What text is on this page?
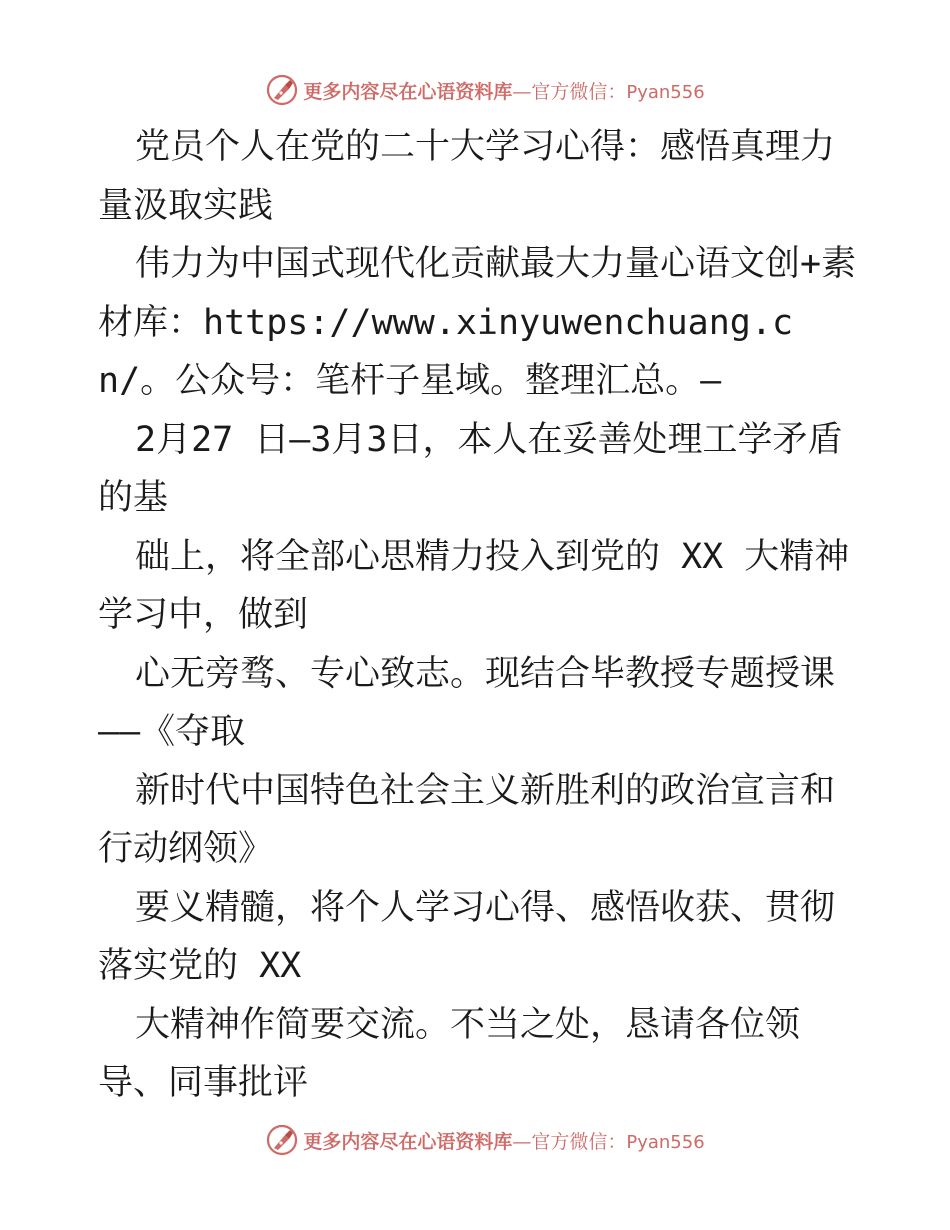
更多内容尽在心语资料库—官方微信：Pyan556

党员个人在党的二十大学习心得：感悟真理力量汲取实践

伟力为中国式现代化贡献最大力量心语文创+素材库：https://www.xinyuwenchuang.cn/。公众号：笔杆子星域。整理汇总。—

2月27 日—3月3日，本人在妥善处理工学矛盾的基

础上，将全部心思精力投入到党的 XX 大精神学习中，做到

心无旁骛、专心致志。现结合毕教授专题授课——《夺取

新时代中国特色社会主义新胜利的政治宣言和行动纲领》

要义精髓，将个人学习心得、感悟收获、贯彻落实党的 XX

大精神作简要交流。不当之处，恳请各位领导、同事批评

更多内容尽在心语资料库—官方微信：Pyan556
